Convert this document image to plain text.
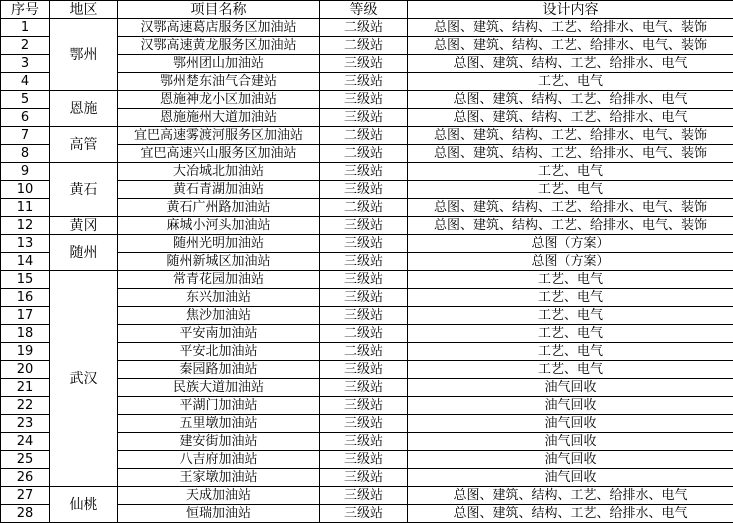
序号	地区	项目名称	等级	设计内容
1	鄂州	汉鄂高速葛店服务区加油站	二级站	总图、建筑、结构、工艺、给排水、电气、装饰
2		汉鄂高速黄龙服务区加油站	二级站	总图、建筑、结构、工艺、给排水、电气、装饰
3		鄂州团山加油站	三级站	总图、建筑、结构、工艺、给排水、电气
4		鄂州楚东油气合建站	三级站	工艺、电气
5	恩施	恩施神龙小区加油站	三级站	总图、建筑、结构、工艺、给排水、电气
6		恩施施州大道加油站	三级站	总图、建筑、结构、工艺、给排水、电气
7	高管	宜巴高速雾渡河服务区加油站	二级站	总图、建筑、结构、工艺、给排水、电气、装饰
8		宜巴高速兴山服务区加油站	二级站	总图、建筑、结构、工艺、给排水、电气、装饰
9	黄石	大冶城北加油站	三级站	工艺、电气
10		黄石青湖加油站	三级站	工艺、电气
11		黄石广州路加油站	二级站	总图、建筑、结构、工艺、给排水、电气、装饰
12	黄冈	麻城小河头加油站	三级站	总图、建筑、结构、工艺、给排水、电气、装饰
13	随州	随州光明加油站	三级站	总图（方案）
14		随州新城区加油站	三级站	总图（方案）
15	武汉	常青花园加油站	三级站	工艺、电气
16		东兴加油站	三级站	工艺、电气
17		焦沙加油站	三级站	工艺、电气
18		平安南加油站	二级站	工艺、电气
19		平安北加油站	二级站	工艺、电气
20		秦园路加油站	三级站	工艺、电气
21		民族大道加油站	三级站	油气回收
22		平湖门加油站	三级站	油气回收
23		五里墩加油站	三级站	油气回收
24		建安街加油站	三级站	油气回收
25		八吉府加油站	三级站	油气回收
26		王家墩加油站	三级站	油气回收
27	仙桃	天成加油站	三级站	总图、建筑、结构、工艺、给排水、电气
28		恒瑞加油站	三级站	总图、建筑、结构、工艺、给排水、电气
